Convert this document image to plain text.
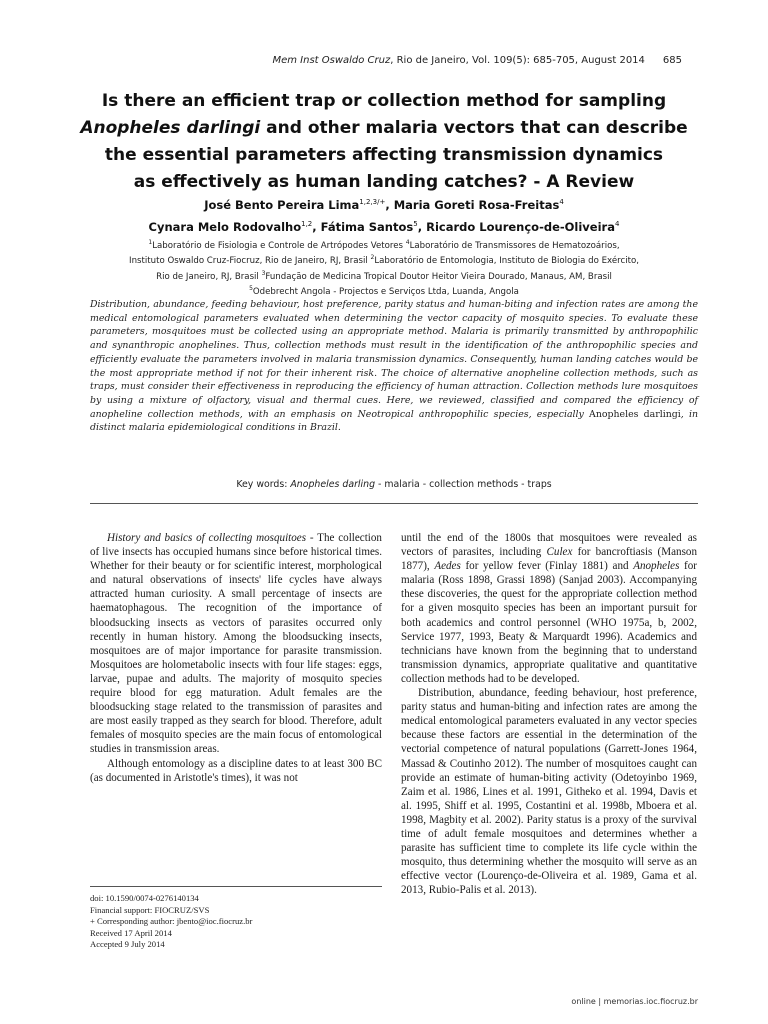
Mem Inst Oswaldo Cruz, Rio de Janeiro, Vol. 109(5): 685-705, August 2014 685
Is there an efficient trap or collection method for sampling
Anopheles darlingi and other malaria vectors that can describe
the essential parameters affecting transmission dynamics
as effectively as human landing catches? - A Review
José Bento Pereira Lima$^{1,2,3/+}$, Maria Goreti Rosa-Freitas$^4$
Cynara Melo Rodovalho$^{1,2}$, Fátima Santos$^5$, Ricardo Lourenço-de-Oliveira$^4$
$^1$Laboratório de Fisiologia e Controle de Artrópodes Vetores $^4$Laboratório de Transmissores de Hematozoários,
Instituto Oswaldo Cruz-Fiocruz, Rio de Janeiro, RJ, Brasil $^2$Laboratório de Entomologia, Instituto de Biologia do Exército,
Rio de Janeiro, RJ, Brasil $^3$Fundação de Medicina Tropical Doutor Heitor Vieira Dourado, Manaus, AM, Brasil
$^5$Odebrecht Angola - Projectos e Serviços Ltda, Luanda, Angola
Distribution, abundance, feeding behaviour, host preference, parity status and human-biting and infection rates are among the medical entomological parameters evaluated when determining the vector capacity of mosquito species. To evaluate these parameters, mosquitoes must be collected using an appropriate method. Malaria is primarily transmitted by anthropophilic and synanthropic anophelines. Thus, collection methods must result in the identification of the anthropophilic species and efficiently evaluate the parameters involved in malaria transmission dynamics. Consequently, human landing catches would be the most appropriate method if not for their inherent risk. The choice of alternative anopheline collection methods, such as traps, must consider their effectiveness in reproducing the efficiency of human attraction. Collection methods lure mosquitoes by using a mixture of olfactory, visual and thermal cues. Here, we reviewed, classified and compared the efficiency of anopheline collection methods, with an emphasis on Neotropical anthropophilic species, especially Anopheles darlingi, in distinct malaria epidemiological conditions in Brazil.
Key words: Anopheles darling - malaria - collection methods - traps

History and basics of collecting mosquitoes - The collection of live insects has occupied humans since before historical times. Whether for their beauty or for scientific interest, morphological and natural observations of insects' life cycles have always attracted human curiosity. A small percentage of insects are haematophagous. The recognition of the importance of bloodsucking insects as vectors of parasites occurred only recently in human history. Among the bloodsucking insects, mosquitoes are of major importance for parasite transmission. Mosquitoes are holometabolic insects with four life stages: eggs, larvae, pupae and adults. The majority of mosquito species require blood for egg maturation. Adult females are the bloodsucking stage related to the transmission of parasites and are most easily trapped as they search for blood. Therefore, adult females of mosquito species are the main focus of entomological studies in transmission areas.

Although entomology as a discipline dates to at least 300 BC (as documented in Aristotle's times), it was not

until the end of the 1800s that mosquitoes were revealed as vectors of parasites, including Culex for bancroftiasis (Manson 1877), Aedes for yellow fever (Finlay 1881) and Anopheles for malaria (Ross 1898, Grassi 1898) (Sanjad 2003). Accompanying these discoveries, the quest for the appropriate collection method for a given mosquito species has been an important pursuit for both academics and control personnel (WHO 1975a, b, 2002, Service 1977, 1993, Beaty & Marquardt 1996). Academics and technicians have known from the beginning that to understand transmission dynamics, appropriate qualitative and quantitative collection methods had to be developed.

Distribution, abundance, feeding behaviour, host preference, parity status and human-biting and infection rates are among the medical entomological parameters evaluated in any vector species because these factors are essential in the determination of the vectorial competence of natural populations (Garrett-Jones 1964, Massad & Coutinho 2012). The number of mosquitoes caught can provide an estimate of human-biting activity (Odetoyinbo 1969, Zaim et al. 1986, Lines et al. 1991, Githeko et al. 1994, Davis et al. 1995, Shiff et al. 1995, Costantini et al. 1998b, Mboera et al. 1998, Magbity et al. 2002). Parity status is a proxy of the survival time of adult female mosquitoes and determines whether a parasite has sufficient time to complete its life cycle within the mosquito, thus determining whether the mosquito will serve as an effective vector (Lourenço-de-Oliveira et al. 1989, Gama et al. 2013, Rubio-Palis et al. 2013).

doi: 10.1590/0074-0276140134
Financial support: FIOCRUZ/SVS
+ Corresponding author: jbento@ioc.fiocruz.br
Received 17 April 2014
Accepted 9 July 2014
online | memorias.ioc.fiocruz.br
